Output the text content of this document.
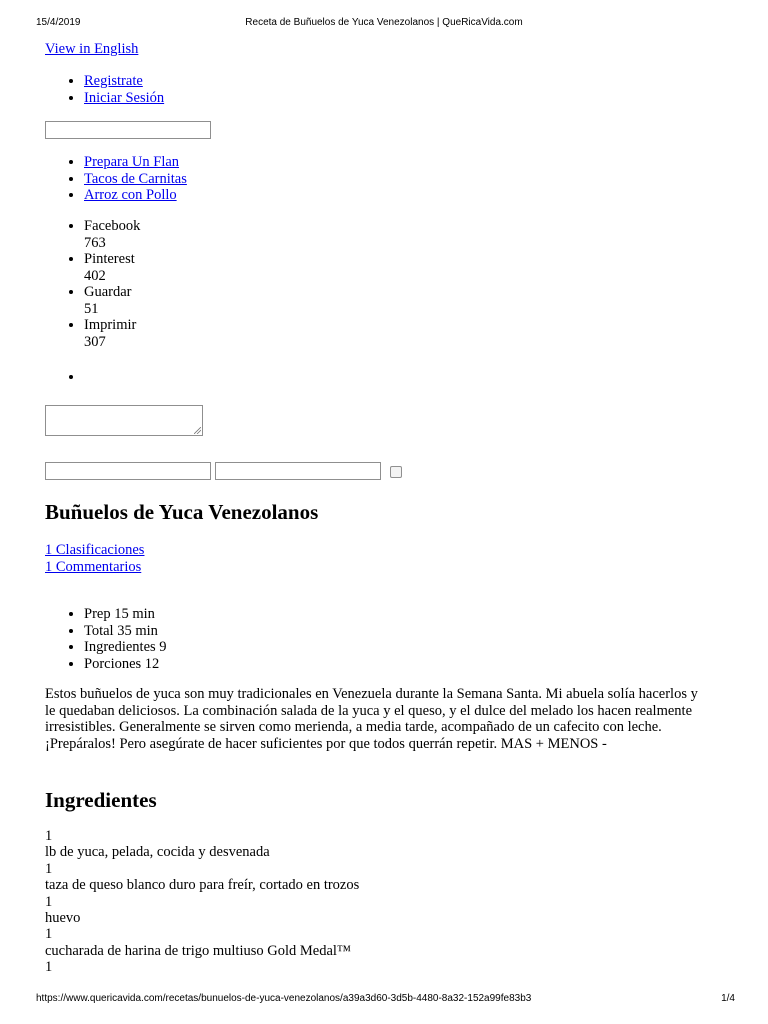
15/4/2019	Receta de Buñuelos de Yuca Venezolanos | QueRicaVida.com
View in English
• Registrate
• Iniciar Sesión
• Prepara Un Flan
• Tacos de Carnitas
• Arroz con Pollo
• Facebook
763
• Pinterest
402
• Guardar
51
• Imprimir
307
•

Buñuelos de Yuca Venezolanos
1 Clasificaciones
1 Commentarios
• Prep 15 min
• Total 35 min
• Ingredientes 9
• Porciones 12
Estos buñuelos de yuca son muy tradicionales en Venezuela durante la Semana Santa. Mi abuela solía hacerlos y le quedaban deliciosos. La combinación salada de la yuca y el queso, y el dulce del melado los hacen realmente irresistibles. Generalmente se sirven como merienda, a media tarde, acompañado de un cafecito con leche. ¡Prepáralos! Pero asegúrate de hacer suficientes por que todos querrán repetir. MAS + MENOS -
Ingredientes
1
lb de yuca, pelada, cocida y desvenada
1
taza de queso blanco duro para freír, cortado en trozos
1
huevo
1
cucharada de harina de trigo multiuso Gold Medal™
1
https://www.quericavida.com/recetas/bunuelos-de-yuca-venezolanos/a39a3d60-3d5b-4480-8a32-152a99fe83b3	1/4
